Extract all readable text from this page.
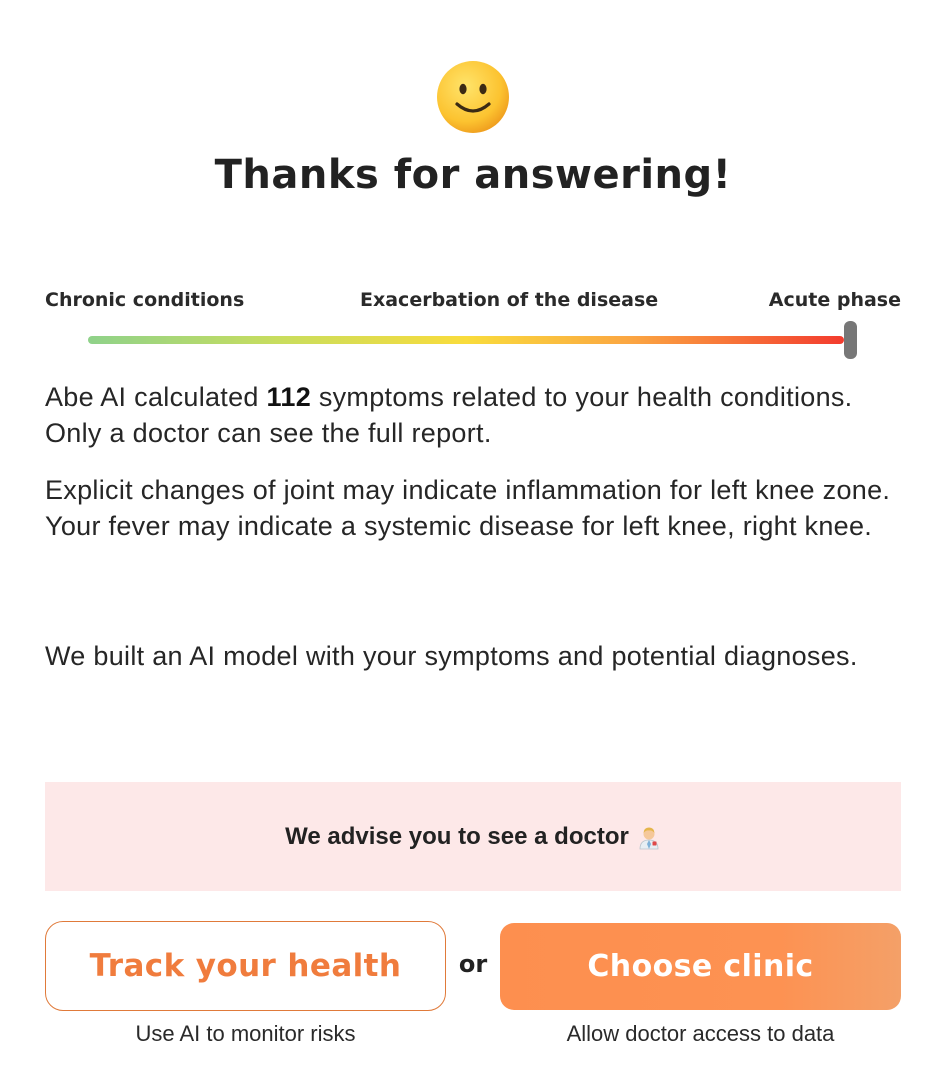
Thanks for answering!
Chronic conditions	Exacerbation of the disease	Acute phase
Abe AI calculated 112 symptoms related to your health conditions. Only a doctor can see the full report.
Explicit changes of joint may indicate inflammation for left knee zone.
Your fever may indicate a systemic disease for left knee, right knee.
We built an AI model with your symptoms and potential diagnoses.
We advise you to see a doctor
Track your health	or	Choose clinic
Use AI to monitor risks	Allow doctor access to data
